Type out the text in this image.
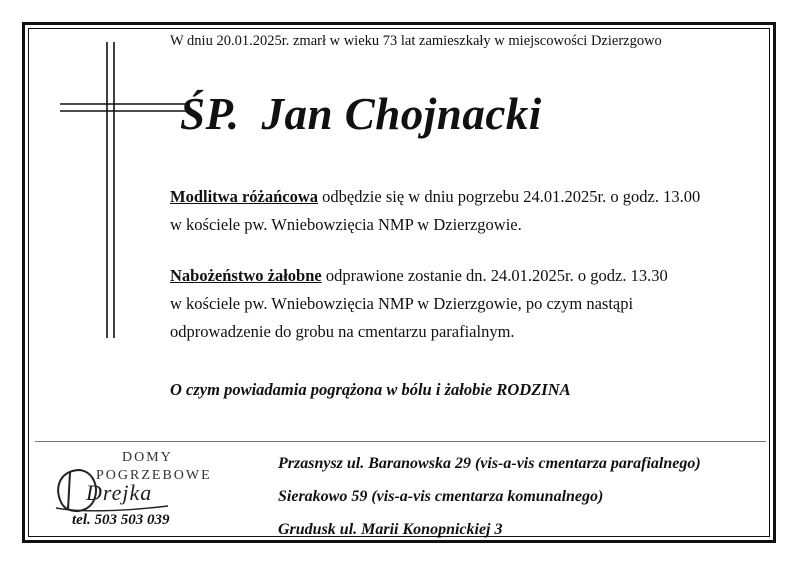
W dniu 20.01.2025r. zmarł w wieku 73 lat zamieszkały w miejscowości Dzierzgowo
ŚP. Jan Chojnacki
Modlitwa różańcowa odbędzie się w dniu pogrzebu 24.01.2025r. o godz. 13.00
w kościele pw. Wniebowzięcia NMP w Dzierzgowie.
Nabożeństwo żałobne odprawione zostanie dn. 24.01.2025r. o godz. 13.30
w kościele pw. Wniebowzięcia NMP w Dzierzgowie, po czym nastąpi
odprowadzenie do grobu na cmentarzu parafialnym.
O czym powiadamia pogrążona w bólu i żałobie RODZINA
DOMY
POGRZEBOWE
Drejka
tel. 503 503 039
Przasnysz ul. Baranowska 29 (vis-a-vis cmentarza parafialnego)
Sierakowo 59 (vis-a-vis cmentarza komunalnego)
Grudusk ul. Marii Konopnickiej 3
